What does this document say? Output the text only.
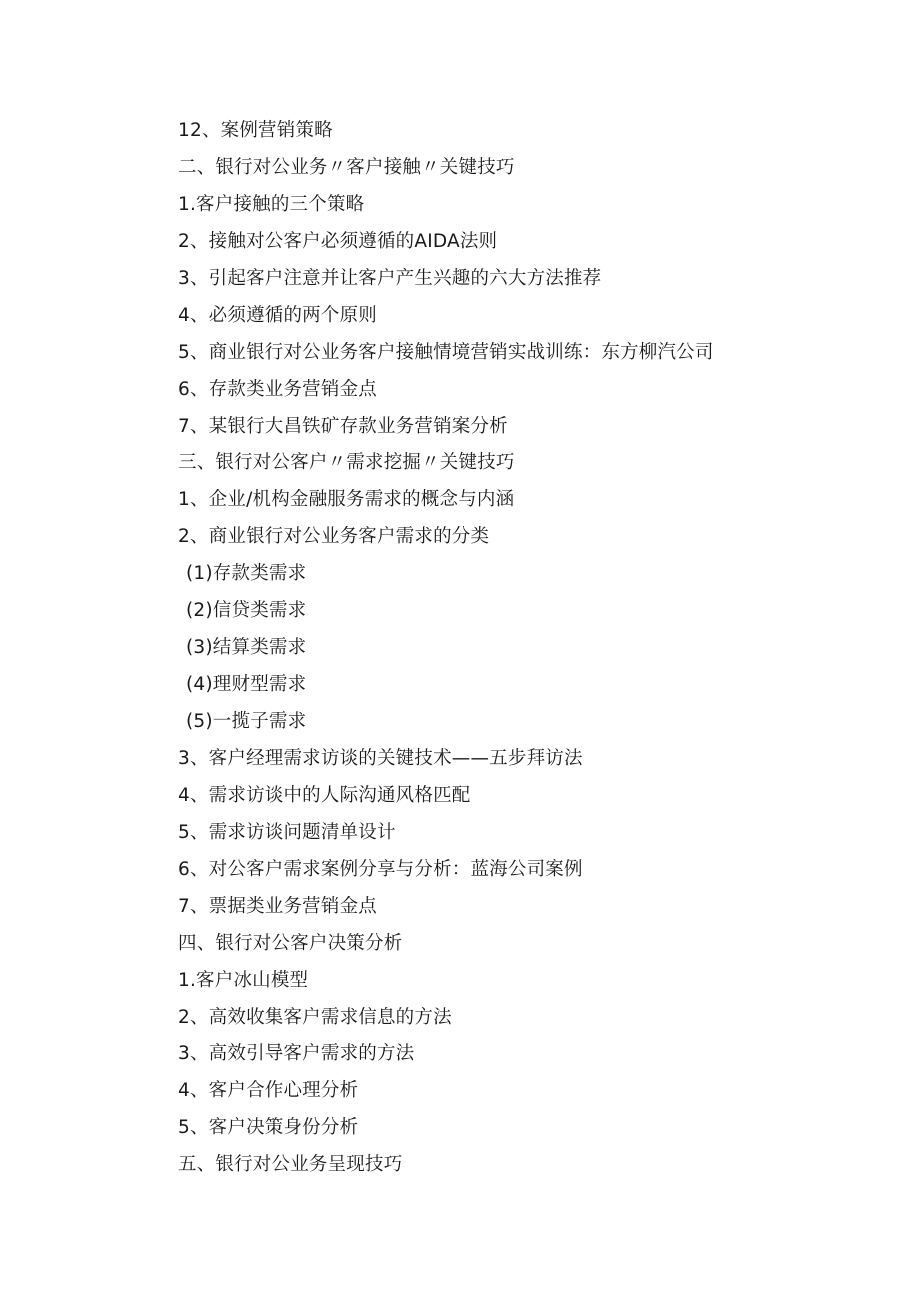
12、案例营销策略
二、银行对公业务〃客户接触〃关键技巧
1.客户接触的三个策略
2、接触对公客户必须遵循的AIDA法则
3、引起客户注意并让客户产生兴趣的六大方法推荐
4、必须遵循的两个原则
5、商业银行对公业务客户接触情境营销实战训练：东方柳汽公司
6、存款类业务营销金点
7、某银行大昌铁矿存款业务营销案分析
三、银行对公客户〃需求挖掘〃关键技巧
1、企业/机构金融服务需求的概念与内涵
2、商业银行对公业务客户需求的分类
(1)存款类需求
(2)信贷类需求
(3)结算类需求
(4)理财型需求
(5)一揽子需求
3、客户经理需求访谈的关键技术——五步拜访法
4、需求访谈中的人际沟通风格匹配
5、需求访谈问题清单设计
6、对公客户需求案例分享与分析：蓝海公司案例
7、票据类业务营销金点
四、银行对公客户决策分析
1.客户冰山模型
2、高效收集客户需求信息的方法
3、高效引导客户需求的方法
4、客户合作心理分析
5、客户决策身份分析
五、银行对公业务呈现技巧
